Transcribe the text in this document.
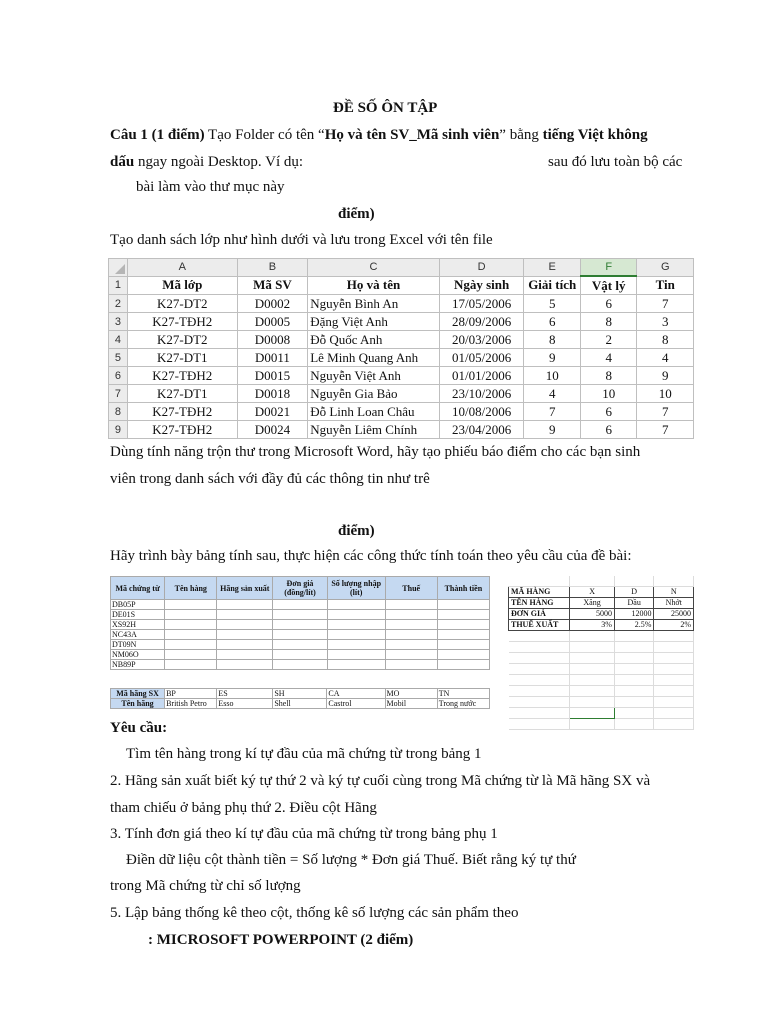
ĐỀ SỐ ÔN TẬP
Câu 1 (1 điểm) Tạo Folder có tên “Họ và tên SV_Mã sinh viên” bằng tiếng Việt không
dấu ngay ngoài Desktop. Ví dụ:	sau đó lưu toàn bộ các
bài làm vào thư mục này
điểm)
Tạo danh sách lớp như hình dưới và lưu trong Excel với tên file
	A	B	C	D	E	F	G
1	Mã lớp	Mã SV	Họ và tên	Ngày sinh	Giải tích	Vật lý	Tin
2	K27-DT2	D0002	Nguyễn Bình An	17/05/2006	5	6	7
3	K27-TĐH2	D0005	Đặng Việt Anh	28/09/2006	6	8	3
4	K27-DT2	D0008	Đỗ Quốc Anh	20/03/2006	8	2	8
5	K27-DT1	D0011	Lê Minh Quang Anh	01/05/2006	9	4	4
6	K27-TĐH2	D0015	Nguyễn Việt Anh	01/01/2006	10	8	9
7	K27-DT1	D0018	Nguyễn Gia Bảo	23/10/2006	4	10	10
8	K27-TĐH2	D0021	Đỗ Linh Loan Châu	10/08/2006	7	6	7
9	K27-TĐH2	D0024	Nguyễn Liêm Chính	23/04/2006	9	6	7
Dùng tính năng trộn thư trong Microsoft Word, hãy tạo phiếu báo điểm cho các bạn sinh
viên trong danh sách với đầy đủ các thông tin như trê
điểm)
Hãy trình bày bảng tính sau, thực hiện các công thức tính toán theo yêu cầu của đề bài:
Mã chứng từ	Tên hàng	Hãng sản xuất	Đơn giá (đồng/lít)	Số lượng nhập (lít)	Thuế	Thành tiền
DB05P						
DE01S						
XS92H						
NC43A						
DT09N						
NM06O						
NB89P						
Mã hãng SX	BP	ES	SH	CA	MO	TN
Tên hãng	British Petro	Esso	Shell	Castrol	Mobil	Trong nước

MÃ HÀNG	X	D	N
TÊN HÀNG	Xăng	Dầu	Nhớt
ĐƠN GIÁ	5000	12000	25000
THUẾ XUẤT	3%	2.5%	2%

Yêu cầu:
Tìm tên hàng trong kí tự đầu của mã chứng từ trong bảng 1
2. Hãng sản xuất biết ký tự thứ 2 và ký tự cuối cùng trong Mã chứng từ là Mã hãng SX và
tham chiếu ở bảng phụ thứ 2. Điều cột Hãng
3. Tính đơn giá theo kí tự đầu của mã chứng từ trong bảng phụ 1
Điền dữ liệu cột thành tiền = Số lượng * Đơn giá Thuế. Biết rằng ký tự thứ
trong Mã chứng từ chỉ số lượng
5. Lập bảng thống kê theo cột, thống kê số lượng các sản phẩm theo
: MICROSOFT POWERPOINT (2 điểm)
